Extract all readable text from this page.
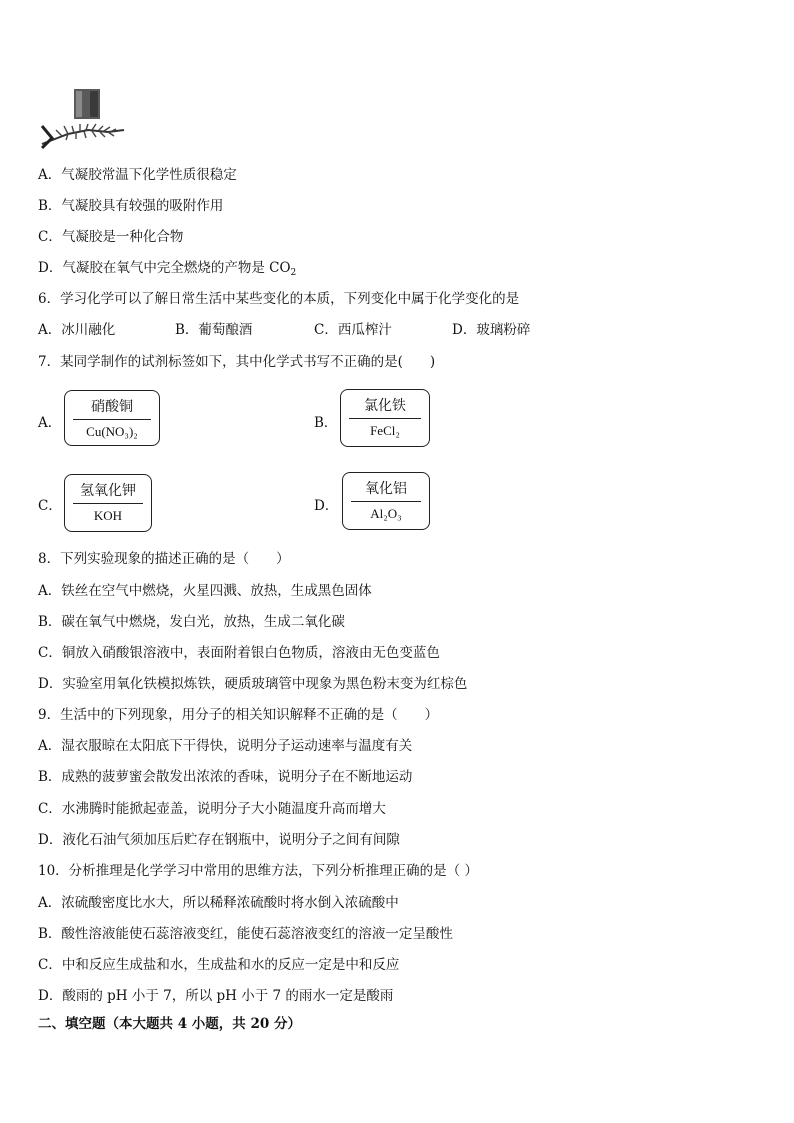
A．气凝胶常温下化学性质很稳定
B．气凝胶具有较强的吸附作用
C．气凝胶是一种化合物
D．气凝胶在氧气中完全燃烧的产物是 $CO_2$
6．学习化学可以了解日常生活中某些变化的本质，下列变化中属于化学变化的是
A．冰川融化	B．葡萄酿酒	C．西瓜榨汁	D．玻璃粉碎
7．某同学制作的试剂标签如下，其中化学式书写不正确的是(　　)
A．
硝酸铜
Cu(NO₃)₂
B．
氯化铁
FeCl₂
C．
氢氧化钾
KOH
D．
氧化铝
Al₂O₃
8．下列实验现象的描述正确的是（　　）
A．铁丝在空气中燃烧，火星四溅、放热，生成黑色固体
B．碳在氧气中燃烧，发白光，放热，生成二氧化碳
C．铜放入硝酸银溶液中，表面附着银白色物质，溶液由无色变蓝色
D．实验室用氧化铁模拟炼铁，硬质玻璃管中现象为黑色粉末变为红棕色
9．生活中的下列现象，用分子的相关知识解释不正确的是（　　）
A．湿衣服晾在太阳底下干得快，说明分子运动速率与温度有关
B．成熟的菠萝蜜会散发出浓浓的香味，说明分子在不断地运动
C．水沸腾时能掀起壶盖，说明分子大小随温度升高而增大
D．液化石油气须加压后贮存在钢瓶中，说明分子之间有间隙
10．分析推理是化学学习中常用的思维方法，下列分析推理正确的是（ ）
A．浓硫酸密度比水大，所以稀释浓硫酸时将水倒入浓硫酸中
B．酸性溶液能使石蕊溶液变红，能使石蕊溶液变红的溶液一定呈酸性
C．中和反应生成盐和水，生成盐和水的反应一定是中和反应
D．酸雨的 pH 小于 7，所以 pH 小于 7 的雨水一定是酸雨
二、填空题（本大题共 4 小题，共 20 分）
